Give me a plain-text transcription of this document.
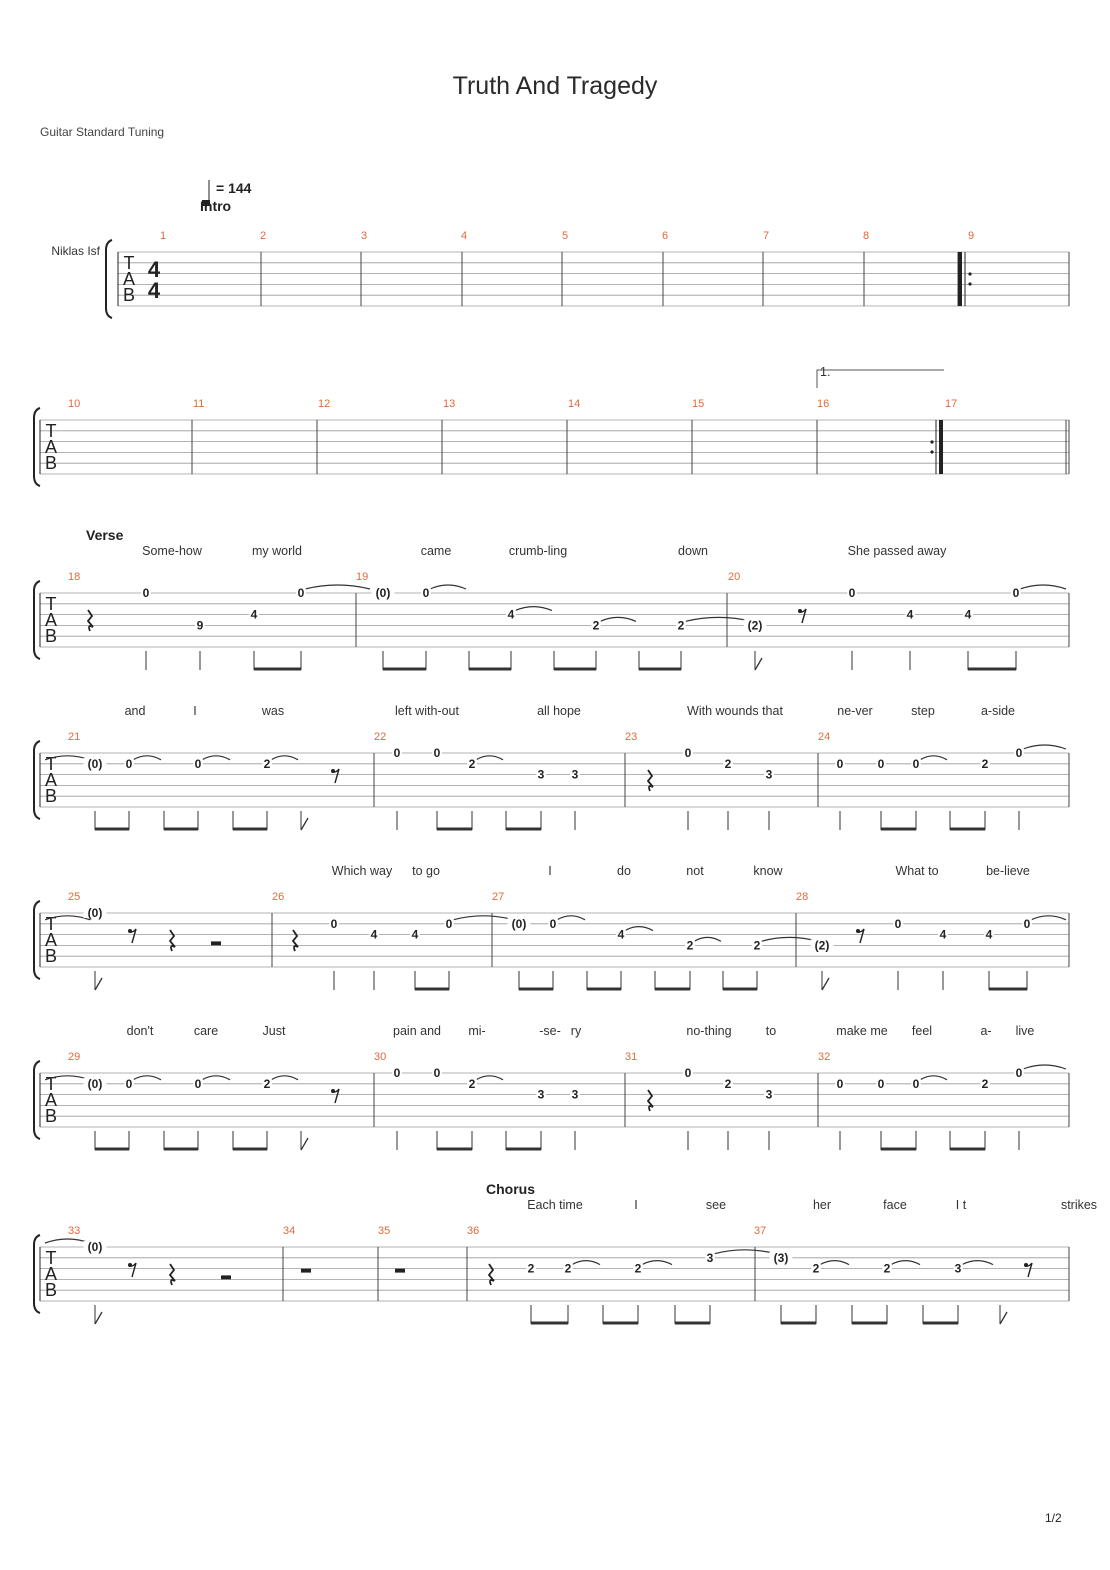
Truth And Tragedy
Guitar Standard Tuning
1/2
T
A
B
4
4
Niklas Isf
= 144
1	2	3	4	5	6	7	8	9
Intro
T
A
B
1.
10	11	12	13	14	15	16	17
T
A
B
18	19	20
Verse
Some-how	my world	came	crumb-ling	down	She passed away
0
9
4
0	(0)	0
4
2	2	(2)
0
4	4
0
T
A
B
21	22	23	24
and	I	was	left with-out	all hope	With wounds that	ne-ver	step	a-side
(0) 0	0	2
0	0
2
3 3
0
2
3
0	0 0	2
0
T
A
B
25	26	27	28
Which way to go	I	do	not	know	What to	be-lieve
(0)
0
4	4
0	(0) 0
4
2	2	(2)
0
4	4
0
T
A
B
29	30	31	32
don't	care	Just	pain and mi-	-se- ry	no-thing	to	make me feel	a- live
(0) 0	0	2
0	0
2
3 3
0
2
3
0	0 0	2
0
T
A
B
33	34	35	36	37
Chorus
Each time	I	see	her	face	I t	strikes
(0)
2	2	2
3	(3)
2	2	3
